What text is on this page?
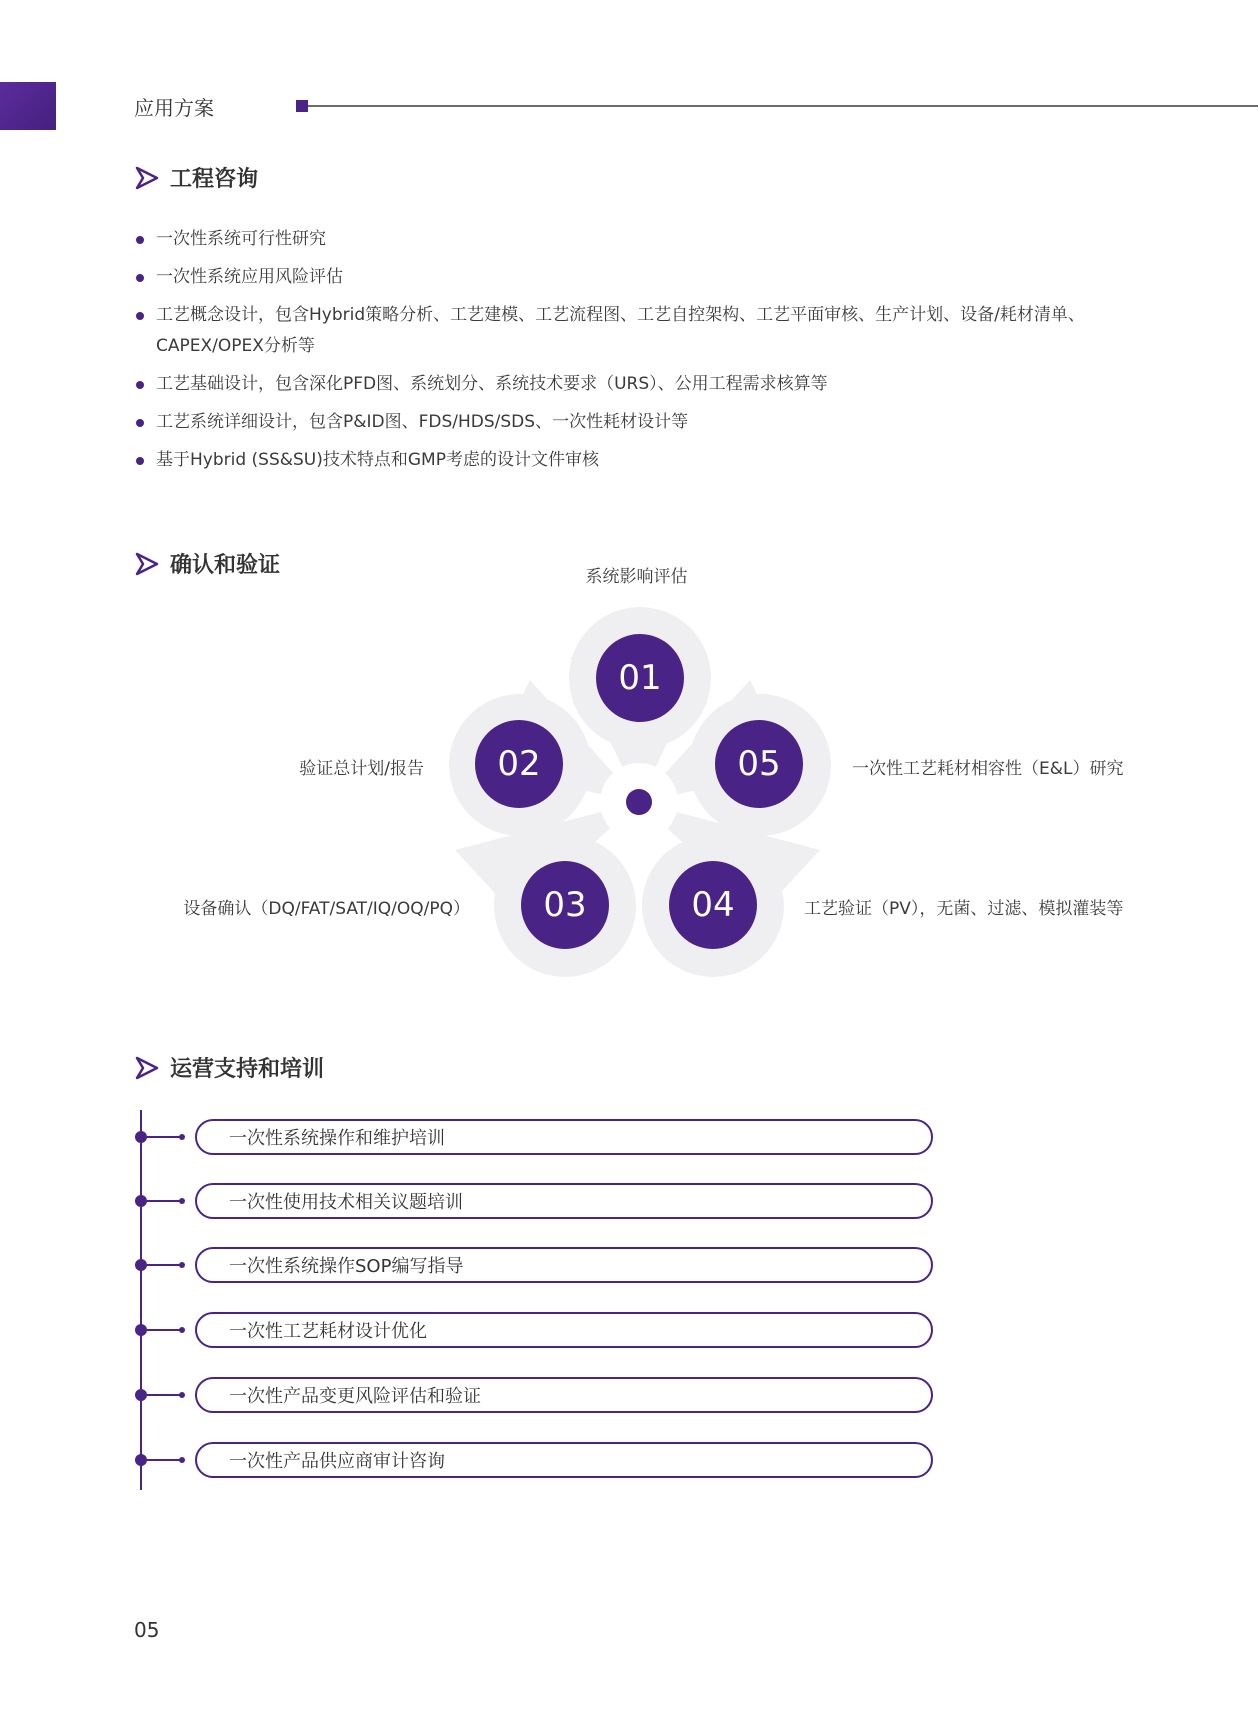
应用方案
工程咨询
一次性系统可行性研究
一次性系统应用风险评估
工艺概念设计，包含Hybrid策略分析、工艺建模、工艺流程图、工艺自控架构、工艺平面审核、生产计划、设备/耗材清单、CAPEX/OPEX分析等
工艺基础设计，包含深化PFD图、系统划分、系统技术要求（URS）、公用工程需求核算等
工艺系统详细设计，包含P&ID图、FDS/HDS/SDS、一次性耗材设计等
基于Hybrid (SS&SU)技术特点和GMP考虑的设计文件审核
确认和验证
01
02
03	04
05
系统影响评估
验证总计划/报告
设备确认（DQ/FAT/SAT/IQ/OQ/PQ）	工艺验证（PV），无菌、过滤、模拟灌装等
一次性工艺耗材相容性（E&L）研究
运营支持和培训
一次性系统操作和维护培训
一次性使用技术相关议题培训
一次性系统操作SOP编写指导
一次性工艺耗材设计优化
一次性产品变更风险评估和验证
一次性产品供应商审计咨询
05
